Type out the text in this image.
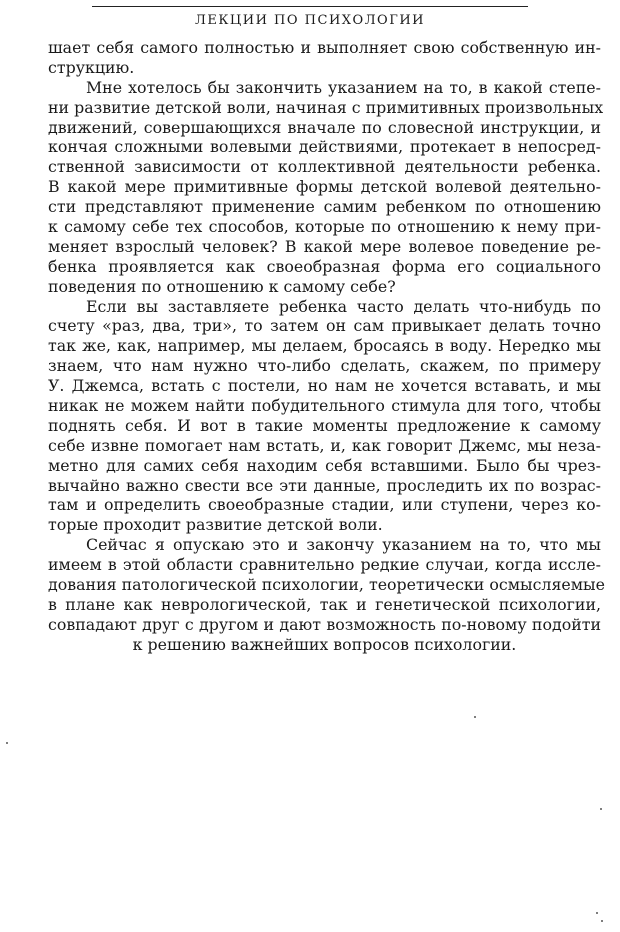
ЛЕКЦИИ ПО ПСИХОЛОГИИ
шает себя самого полностью и выполняет свою собственную ин-
струкцию.
Мне хотелось бы закончить указанием на то, в какой степе-
ни развитие детской воли, начиная с примитивных произвольных
движений, совершающихся вначале по словесной инструкции, и
кончая сложными волевыми действиями, протекает в непосред-
ственной зависимости от коллективной деятельности ребенка.
В какой мере примитивные формы детской волевой деятельно-
сти представляют применение самим ребенком по отношению
к самому себе тех способов, которые по отношению к нему при-
меняет взрослый человек? В какой мере волевое поведение ре-
бенка проявляется как своеобразная форма его социального
поведения по отношению к самому себе?
Если вы заставляете ребенка часто делать что-нибудь по
счету «раз, два, три», то затем он сам привыкает делать точно
так же, как, например, мы делаем, бросаясь в воду. Нередко мы
знаем, что нам нужно что-либо сделать, скажем, по примеру
У. Джемса, встать с постели, но нам не хочется вставать, и мы
никак не можем найти побудительного стимула для того, чтобы
поднять себя. И вот в такие моменты предложение к самому
себе извне помогает нам встать, и, как говорит Джемс, мы неза-
метно для самих себя находим себя вставшими. Было бы чрез-
вычайно важно свести все эти данные, проследить их по возрас-
там и определить своеобразные стадии, или ступени, через ко-
торые проходит развитие детской воли.
Сейчас я опускаю это и закончу указанием на то, что мы
имеем в этой области сравнительно редкие случаи, когда иссле-
дования патологической психологии, теоретически осмысляемые
в плане как неврологической, так и генетической психологии,
совпадают друг с другом и дают возможность по-новому подойти
к решению важнейших вопросов психологии.
